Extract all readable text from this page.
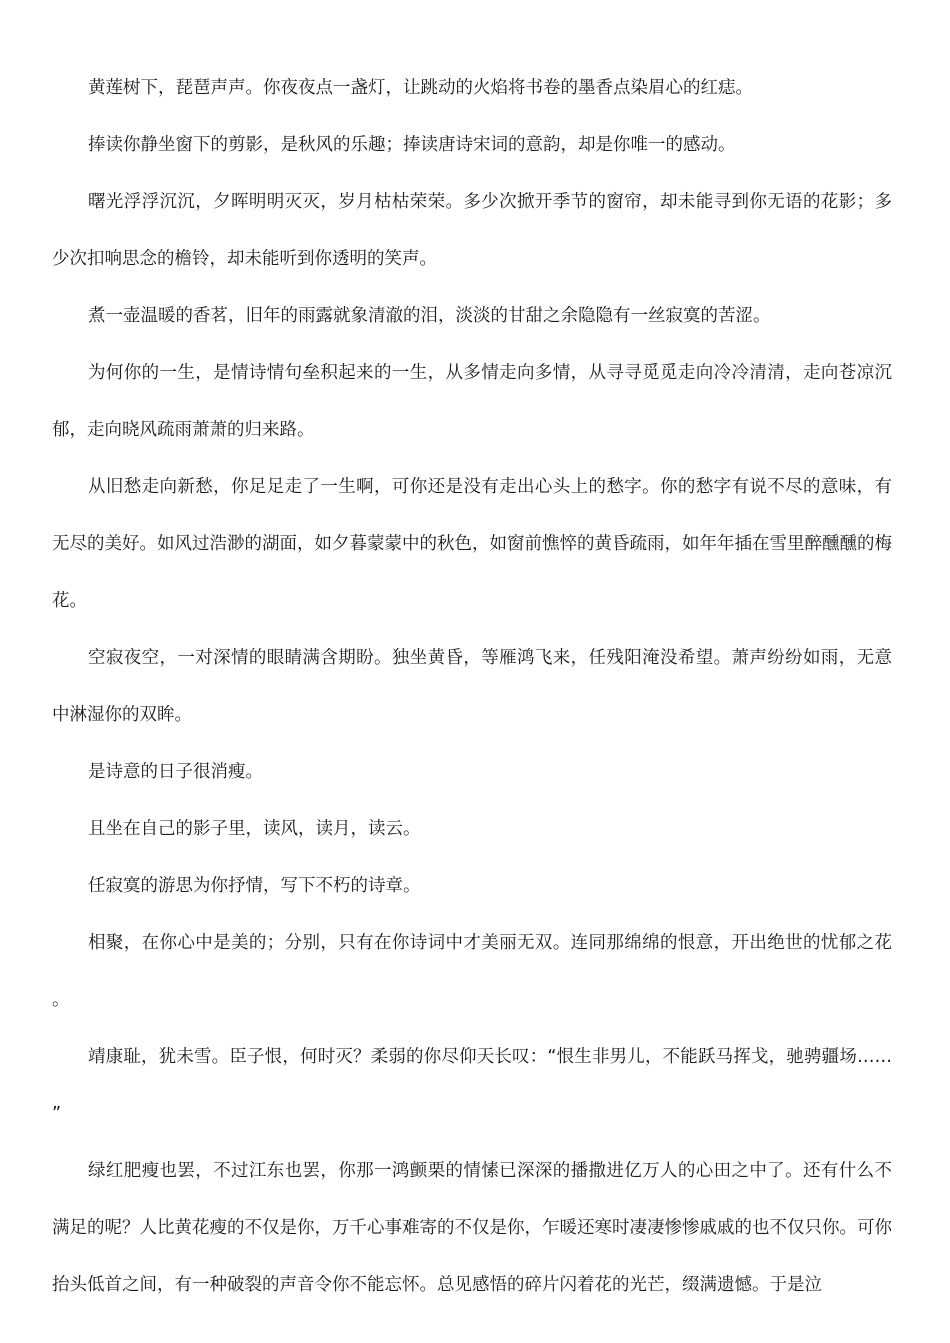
黄莲树下，琵琶声声。你夜夜点一盏灯，让跳动的火焰将书卷的墨香点染眉心的红痣。

捧读你静坐窗下的剪影，是秋风的乐趣；捧读唐诗宋词的意韵，却是你唯一的感动。

曙光浮浮沉沉，夕晖明明灭灭，岁月枯枯荣荣。多少次掀开季节的窗帘，却未能寻到你无语的花影；多少次扣响思念的檐铃，却未能听到你透明的笑声。

煮一壶温暖的香茗，旧年的雨露就象清澈的泪，淡淡的甘甜之余隐隐有一丝寂寞的苦涩。

为何你的一生，是情诗情句垒积起来的一生，从多情走向多情，从寻寻觅觅走向冷冷清清，走向苍凉沉郁，走向晓风疏雨萧萧的归来路。

从旧愁走向新愁，你足足走了一生啊，可你还是没有走出心头上的愁字。你的愁字有说不尽的意味，有无尽的美好。如风过浩渺的湖面，如夕暮蒙蒙中的秋色，如窗前憔悴的黄昏疏雨，如年年插在雪里醉醺醺的梅花。

空寂夜空，一对深情的眼睛满含期盼。独坐黄昏，等雁鸿飞来，任残阳淹没希望。萧声纷纷如雨，无意中淋湿你的双眸。

是诗意的日子很消瘦。

且坐在自己的影子里，读风，读月，读云。

任寂寞的游思为你抒情，写下不朽的诗章。

相聚，在你心中是美的；分别，只有在你诗词中才美丽无双。连同那绵绵的恨意，开出绝世的忧郁之花。

靖康耻，犹未雪。臣子恨，何时灭？柔弱的你尽仰天长叹：“恨生非男儿，不能跃马挥戈，驰骋疆场……”

绿红肥瘦也罢，不过江东也罢，你那一鸿颤栗的情愫已深深的播撒进亿万人的心田之中了。还有什么不满足的呢？人比黄花瘦的不仅是你，万千心事难寄的不仅是你，乍暖还寒时凄凄惨惨戚戚的也不仅只你。可你抬头低首之间，有一种破裂的声音令你不能忘怀。总见感悟的碎片闪着花的光芒，缀满遗憾。于是泣
